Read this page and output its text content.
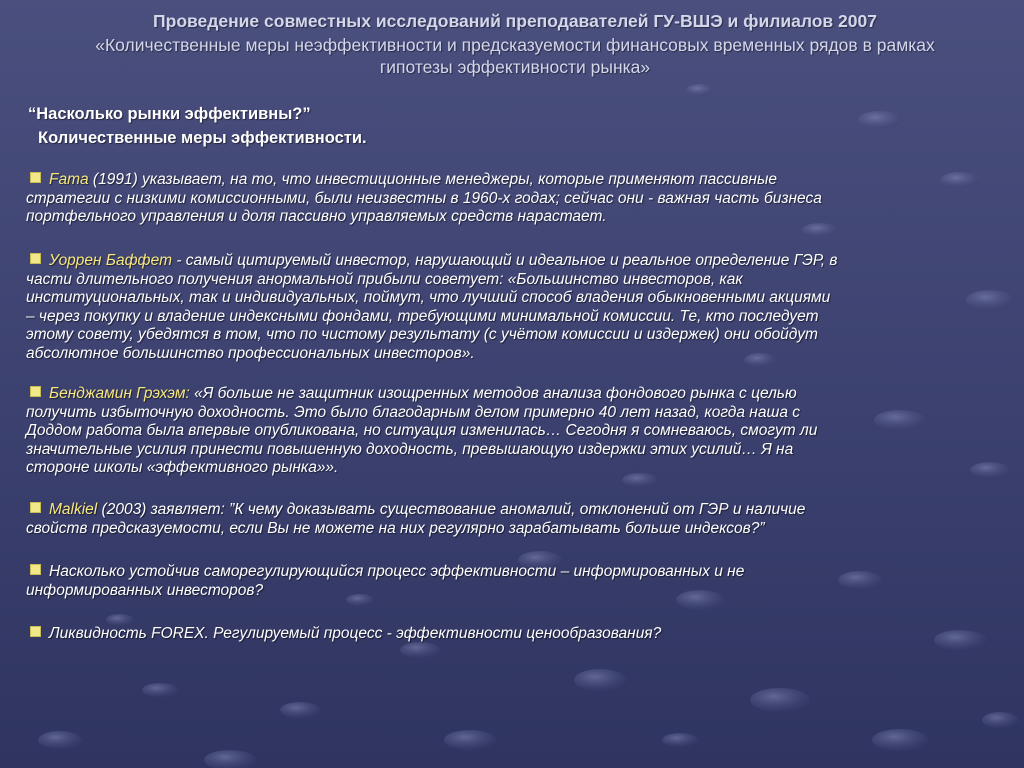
Проведение совместных исследований преподавателей ГУ-ВШЭ и филиалов 2007

«Количественные меры неэффективности и предсказуемости финансовых временных рядов в рамках

гипотезы эффективности рынка»

“Насколько рынки эффективны?”
Количественные меры эффективности.
Fama (1991) указывает, на то, что инвестиционные менеджеры, которые применяют пассивные
стратегии с низкими комиссионными, были неизвестны в 1960-х годах; сейчас они - важная часть бизнеса
портфельного управления и доля пассивно управляемых средств нарастает.
Уоррен Баффет - самый цитируемый инвестор, нарушающий и идеальное и реальное определение ГЭР, в
части длительного получения анормальной прибыли советует: «Большинство инвесторов, как
институциональных, так и индивидуальных, поймут, что лучший способ владения обыкновенными акциями
– через покупку и владение индексными фондами, требующими минимальной комиссии. Те, кто последует
этому совету, убедятся в том, что по чистому результату (с учётом комиссии и издержек) они обойдут
абсолютное большинство профессиональных инвесторов».
Бенджамин Грэхэм: «Я больше не защитник изощренных методов анализа фондового рынка с целью
получить избыточную доходность. Это было благодарным делом примерно 40 лет назад, когда наша с
Доддом работа была впервые опубликована, но ситуация изменилась… Сегодня я сомневаюсь, смогут ли
значительные усилия принести повышенную доходность, превышающую издержки этих усилий… Я на
стороне школы «эффективного рынка»».
Malkiel (2003) заявляет: ”К чему доказывать существование аномалий, отклонений от ГЭР и наличие
свойств предсказуемости, если Вы не можете на них регулярно зарабатывать больше индексов?”
Насколько устойчив саморегулирующийся процесс эффективности – информированных и не
информированных инвесторов?
Ликвидность FOREX. Регулируемый процесс - эффективности ценообразования?
